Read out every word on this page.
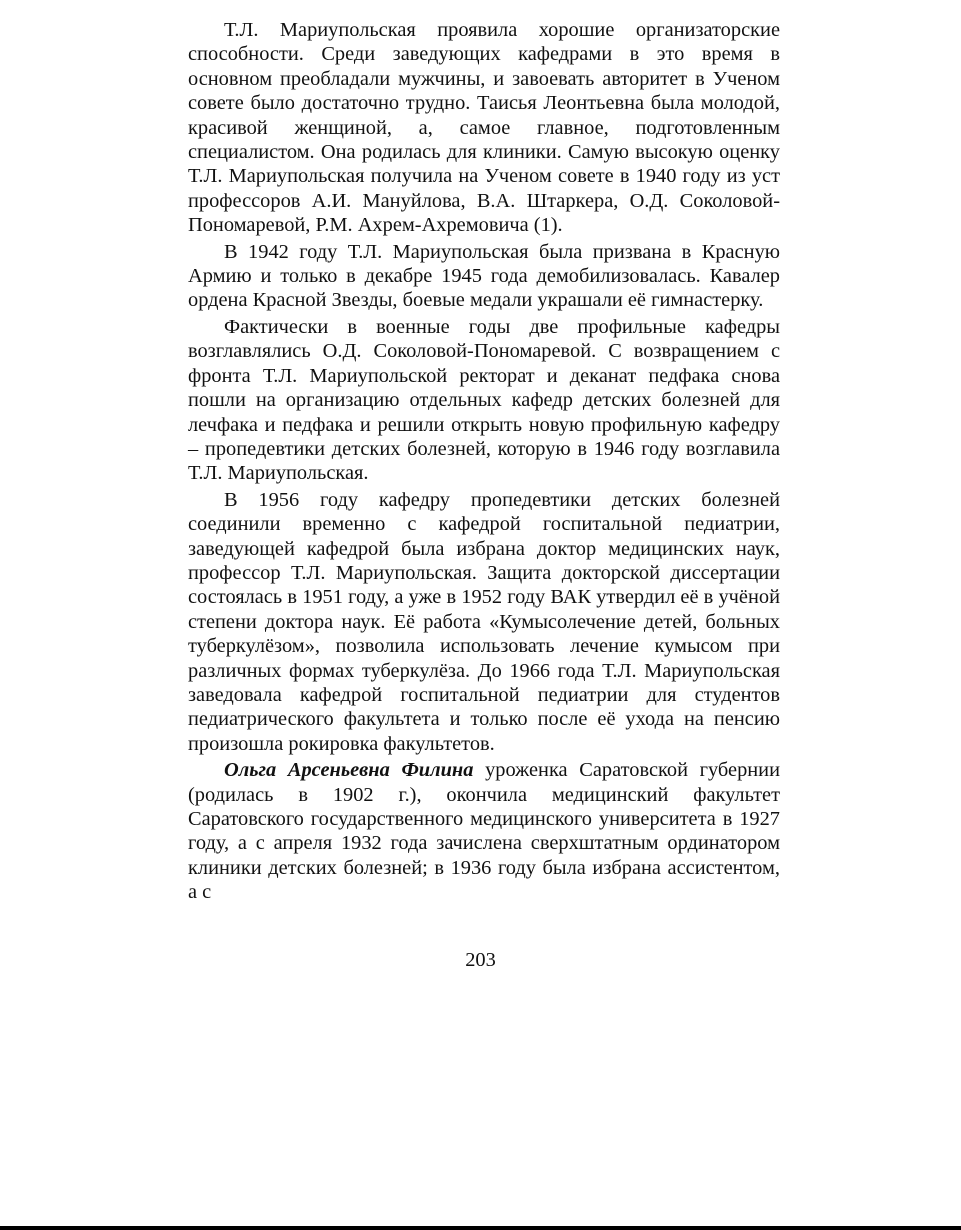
Т.Л. Мариупольская проявила хорошие организаторские способности. Среди заведующих кафедрами в это время в основном преобладали мужчины, и завоевать авторитет в Ученом совете было достаточно трудно. Таисья Леонтьевна была молодой, красивой женщиной, а, самое главное, подготовленным специалистом. Она родилась для клиники. Самую высокую оценку Т.Л. Мариупольская получила на Ученом совете в 1940 году из уст профессоров А.И. Мануйлова, В.А. Штаркера, О.Д. Соколовой-Пономаревой, Р.М. Ахрем-Ахремовича (1).

В 1942 году Т.Л. Мариупольская была призвана в Красную Армию и только в декабре 1945 года демобилизовалась. Кавалер ордена Красной Звезды, боевые медали украшали её гимнастерку.

Фактически в военные годы две профильные кафедры возглавлялись О.Д. Соколовой-Пономаревой. С возвращением с фронта Т.Л. Мариупольской ректорат и деканат педфака снова пошли на организацию отдельных кафедр детских болезней для лечфака и педфака и решили открыть новую профильную кафедру – пропедевтики детских болезней, которую в 1946 году возглавила Т.Л. Мариупольская.

В 1956 году кафедру пропедевтики детских болезней соединили временно с кафедрой госпитальной педиатрии, заведующей кафедрой была избрана доктор медицинских наук, профессор Т.Л. Мариупольская. Защита докторской диссертации состоялась в 1951 году, а уже в 1952 году ВАК утвердил её в учёной степени доктора наук. Её работа «Кумысолечение детей, больных туберкулёзом», позволила использовать лечение кумысом при различных формах туберкулёза. До 1966 года Т.Л. Мариупольская заведовала кафедрой госпитальной педиатрии для студентов педиатрического факультета и только после её ухода на пенсию произошла рокировка факультетов.

Ольга Арсеньевна Филина уроженка Саратовской губернии (родилась в 1902 г.), окончила медицинский факультет Саратовского государственного медицинского университета в 1927 году, а с апреля 1932 года зачислена сверхштатным ординатором клиники детских болезней; в 1936 году была избрана ассистентом, а с

203
